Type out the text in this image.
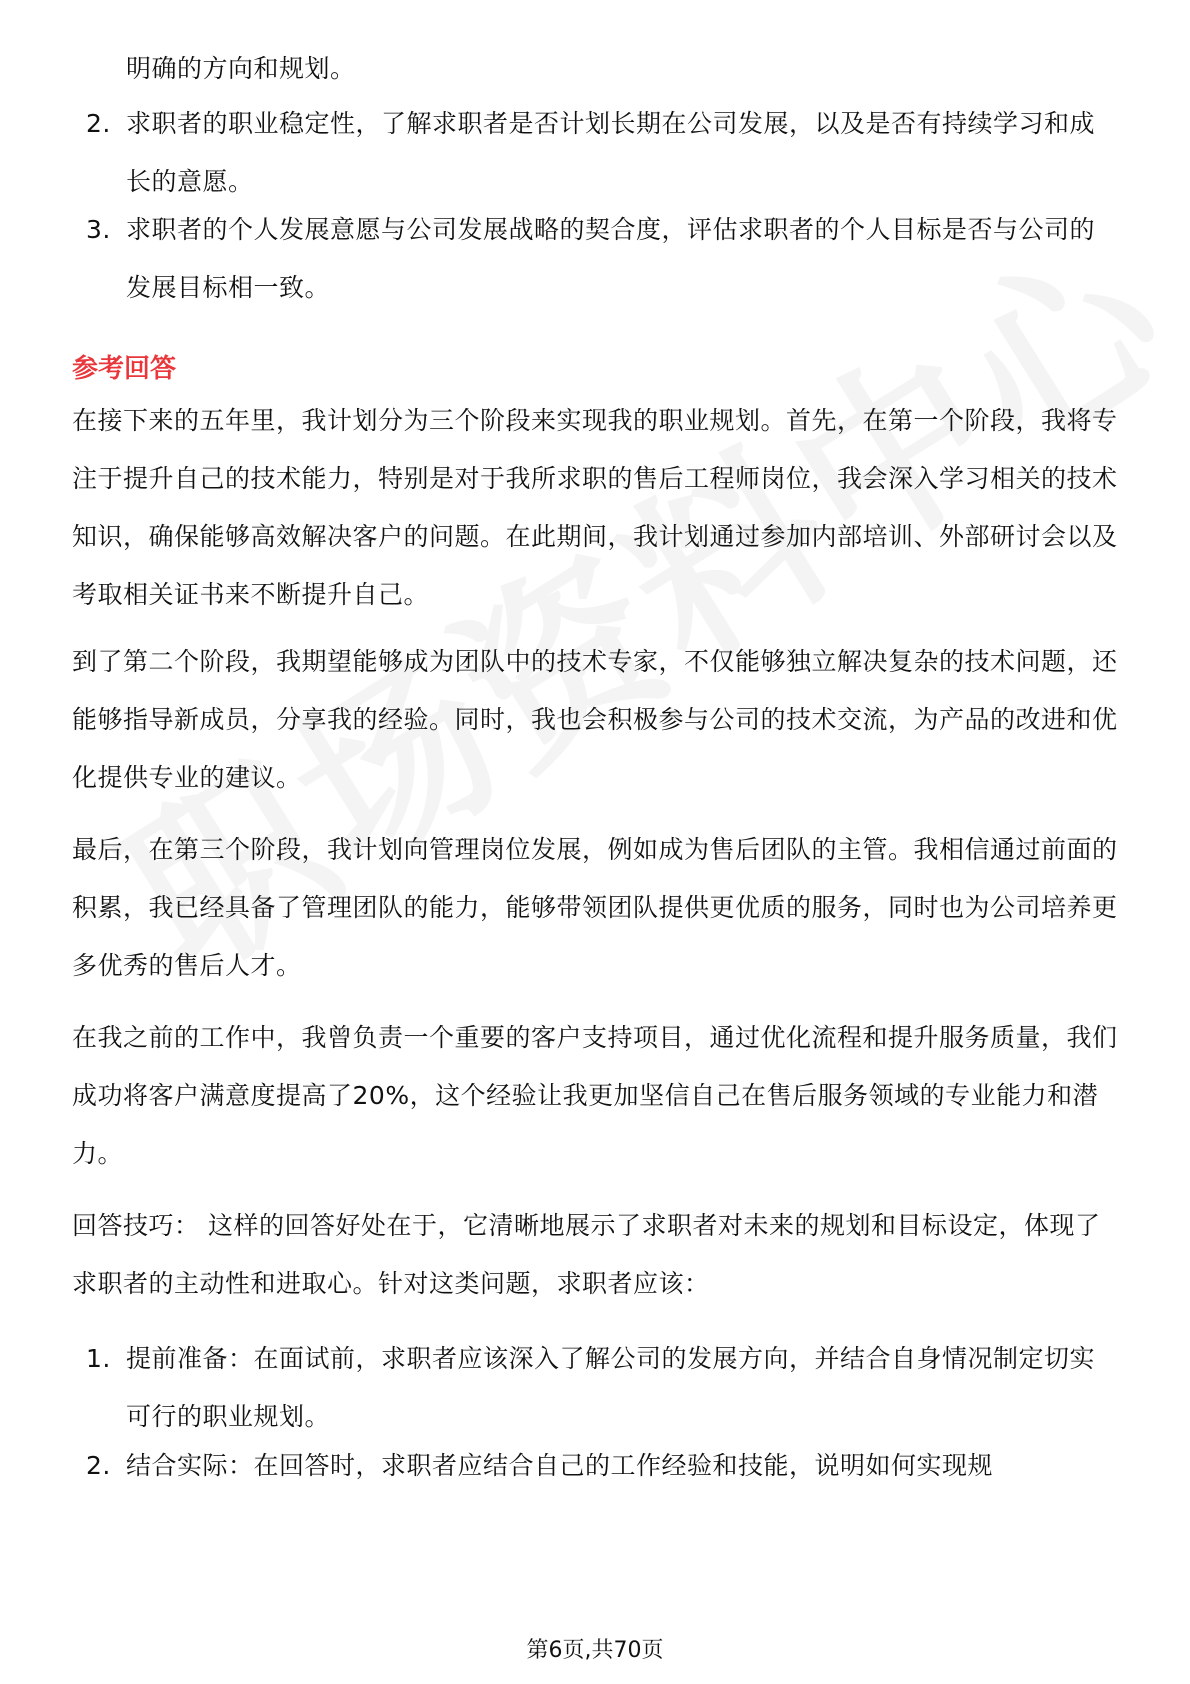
明确的方向和规划。
2. 求职者的职业稳定性，了解求职者是否计划长期在公司发展，以及是否有持续学习和成长的意愿。
3. 求职者的个人发展意愿与公司发展战略的契合度，评估求职者的个人目标是否与公司的发展目标相一致。
参考回答

在接下来的五年里，我计划分为三个阶段来实现我的职业规划。首先，在第一个阶段，我将专注于提升自己的技术能力，特别是对于我所求职的售后工程师岗位，我会深入学习相关的技术知识，确保能够高效解决客户的问题。在此期间，我计划通过参加内部培训、外部研讨会以及考取相关证书来不断提升自己。

到了第二个阶段，我期望能够成为团队中的技术专家，不仅能够独立解决复杂的技术问题，还能够指导新成员，分享我的经验。同时，我也会积极参与公司的技术交流，为产品的改进和优化提供专业的建议。

最后，在第三个阶段，我计划向管理岗位发展，例如成为售后团队的主管。我相信通过前面的积累，我已经具备了管理团队的能力，能够带领团队提供更优质的服务，同时也为公司培养更多优秀的售后人才。

在我之前的工作中，我曾负责一个重要的客户支持项目，通过优化流程和提升服务质量，我们成功将客户满意度提高了20%，这个经验让我更加坚信自己在售后服务领域的专业能力和潜力。

回答技巧： 这样的回答好处在于，它清晰地展示了求职者对未来的规划和目标设定，体现了求职者的主动性和进取心。针对这类问题，求职者应该：

1. 提前准备：在面试前，求职者应该深入了解公司的发展方向，并结合自身情况制定切实可行的职业规划。
2. 结合实际：在回答时，求职者应结合自己的工作经验和技能，说明如何实现规
第6页,共70页
